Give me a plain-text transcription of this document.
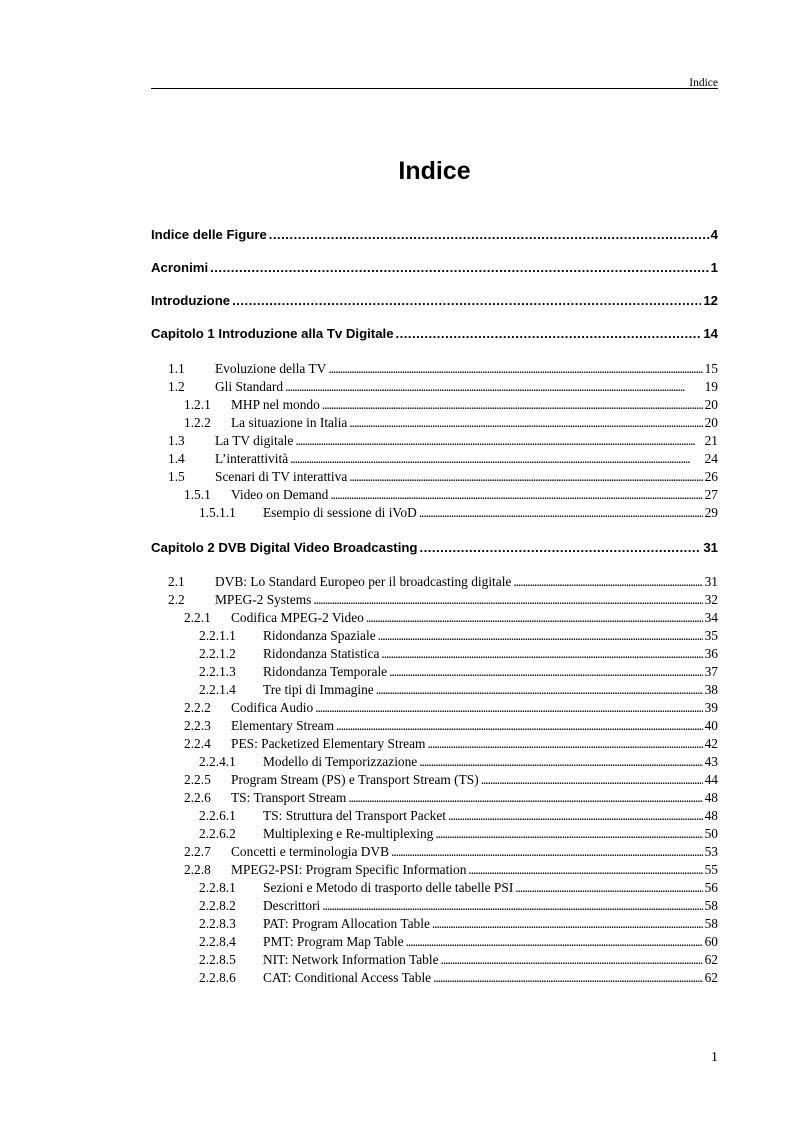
Indice
Indice
Indice delle Figure . . .	4
Acronimi . . .	1
Introduzione . . .	12
Capitolo 1 Introduzione alla Tv Digitale . . .	14
1.1	Evoluzione della TV . . .	15
1.2	Gli Standard . . .	19
1.2.1	MHP nel mondo . . .	20
1.2.2	La situazione in Italia . . .	20
1.3	La TV digitale . . .	21
1.4	L’interattività . . .	24
1.5	Scenari di TV interattiva . . .	26
1.5.1	Video on Demand . . .	27
1.5.1.1	Esempio di sessione di iVoD . . .	29
Capitolo 2 DVB Digital Video Broadcasting . . .	31
2.1	DVB: Lo Standard Europeo per il broadcasting digitale . . .	31
2.2	MPEG-2 Systems . . .	32
2.2.1	Codifica MPEG-2 Video . . .	34
2.2.1.1	Ridondanza Spaziale . . .	35
2.2.1.2	Ridondanza Statistica . . .	36
2.2.1.3	Ridondanza Temporale . . .	37
2.2.1.4	Tre tipi di Immagine . . .	38
2.2.2	Codifica Audio . . .	39
2.2.3	Elementary Stream . . .	40
2.2.4	PES: Packetized Elementary Stream . . .	42
2.2.4.1	Modello di Temporizzazione . . .	43
2.2.5	Program Stream (PS) e Transport Stream (TS) . . .	44
2.2.6	TS: Transport Stream . . .	48
2.2.6.1	TS: Struttura del Transport Packet . . .	48
2.2.6.2	Multiplexing e Re-multiplexing . . .	50
2.2.7	Concetti e terminologia DVB . . .	53
2.2.8	MPEG2-PSI: Program Specific Information . . .	55
2.2.8.1	Sezioni e Metodo di trasporto delle tabelle PSI . . .	56
2.2.8.2	Descrittori . . .	58
2.2.8.3	PAT: Program Allocation Table . . .	58
2.2.8.4	PMT: Program Map Table . . .	60
2.2.8.5	NIT: Network Information Table . . .	62
2.2.8.6	CAT: Conditional Access Table . . .	62
1
